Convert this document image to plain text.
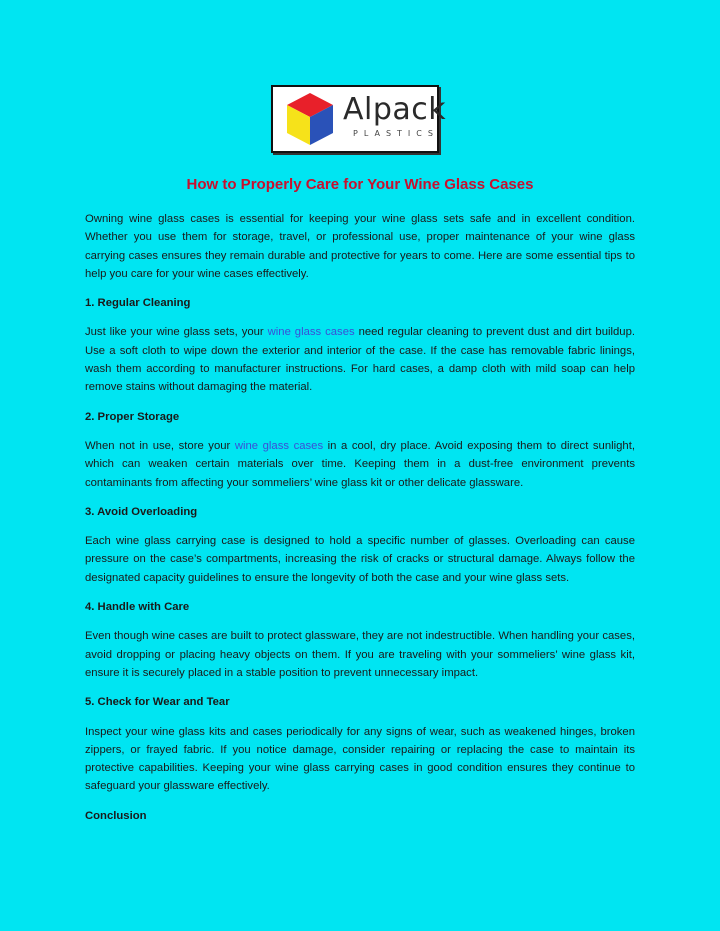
Alpack
PLASTICS
How to Properly Care for Your Wine Glass Cases

Owning wine glass cases is essential for keeping your wine glass sets safe and in excellent condition. Whether you use them for storage, travel, or professional use, proper maintenance of your wine glass carrying cases ensures they remain durable and protective for years to come. Here are some essential tips to help you care for your wine cases effectively.

1. Regular Cleaning

Just like your wine glass sets, your wine glass cases need regular cleaning to prevent dust and dirt buildup. Use a soft cloth to wipe down the exterior and interior of the case. If the case has removable fabric linings, wash them according to manufacturer instructions. For hard cases, a damp cloth with mild soap can help remove stains without damaging the material.

2. Proper Storage

When not in use, store your wine glass cases in a cool, dry place. Avoid exposing them to direct sunlight, which can weaken certain materials over time. Keeping them in a dust-free environment prevents contaminants from affecting your sommeliers’ wine glass kit or other delicate glassware.

3. Avoid Overloading

Each wine glass carrying case is designed to hold a specific number of glasses. Overloading can cause pressure on the case’s compartments, increasing the risk of cracks or structural damage. Always follow the designated capacity guidelines to ensure the longevity of both the case and your wine glass sets.

4. Handle with Care

Even though wine cases are built to protect glassware, they are not indestructible. When handling your cases, avoid dropping or placing heavy objects on them. If you are traveling with your sommeliers’ wine glass kit, ensure it is securely placed in a stable position to prevent unnecessary impact.

5. Check for Wear and Tear

Inspect your wine glass kits and cases periodically for any signs of wear, such as weakened hinges, broken zippers, or frayed fabric. If you notice damage, consider repairing or replacing the case to maintain its protective capabilities. Keeping your wine glass carrying cases in good condition ensures they continue to safeguard your glassware effectively.

Conclusion
